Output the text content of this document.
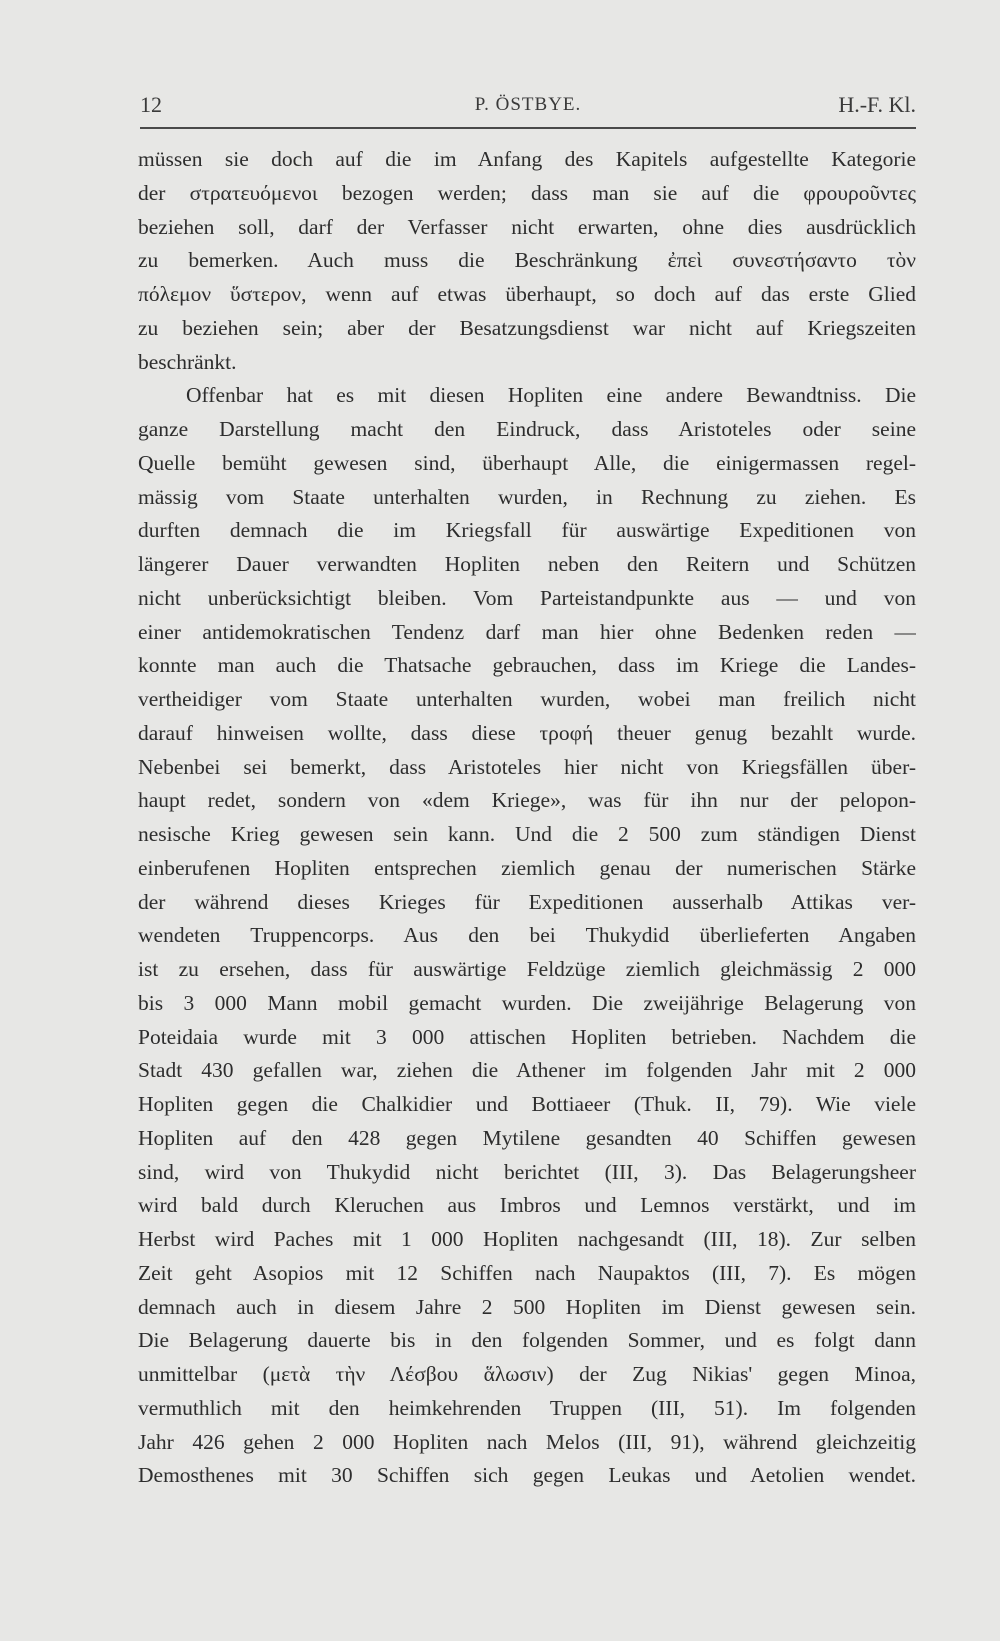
12	P. ÖSTBYE.	H.-F. Kl.
müssen sie doch auf die im Anfang des Kapitels aufgestellte Kategorie
der στρατευόμενοι bezogen werden; dass man sie auf die φρουροῦντες
beziehen soll, darf der Verfasser nicht erwarten, ohne dies ausdrücklich
zu bemerken. Auch muss die Beschränkung ἐπεὶ συνεστήσαντο τὸν
πόλεμον ὕστερον, wenn auf etwas überhaupt, so doch auf das erste Glied
zu beziehen sein; aber der Besatzungsdienst war nicht auf Kriegszeiten
beschränkt.
Offenbar hat es mit diesen Hopliten eine andere Bewandtniss. Die
ganze Darstellung macht den Eindruck, dass Aristoteles oder seine
Quelle bemüht gewesen sind, überhaupt Alle, die einigermassen regel-
mässig vom Staate unterhalten wurden, in Rechnung zu ziehen. Es
durften demnach die im Kriegsfall für auswärtige Expeditionen von
längerer Dauer verwandten Hopliten neben den Reitern und Schützen
nicht unberücksichtigt bleiben. Vom Parteistandpunkte aus — und von
einer antidemokratischen Tendenz darf man hier ohne Bedenken reden —
konnte man auch die Thatsache gebrauchen, dass im Kriege die Landes-
vertheidiger vom Staate unterhalten wurden, wobei man freilich nicht
darauf hinweisen wollte, dass diese τροφή theuer genug bezahlt wurde.
Nebenbei sei bemerkt, dass Aristoteles hier nicht von Kriegsfällen über-
haupt redet, sondern von «dem Kriege», was für ihn nur der pelopon-
nesische Krieg gewesen sein kann. Und die 2 500 zum ständigen Dienst
einberufenen Hopliten entsprechen ziemlich genau der numerischen Stärke
der während dieses Krieges für Expeditionen ausserhalb Attikas ver-
wendeten Truppencorps. Aus den bei Thukydid überlieferten Angaben
ist zu ersehen, dass für auswärtige Feldzüge ziemlich gleichmässig 2 000
bis 3 000 Mann mobil gemacht wurden. Die zweijährige Belagerung von
Poteidaia wurde mit 3 000 attischen Hopliten betrieben. Nachdem die
Stadt 430 gefallen war, ziehen die Athener im folgenden Jahr mit 2 000
Hopliten gegen die Chalkidier und Bottiaeer (Thuk. II, 79). Wie viele
Hopliten auf den 428 gegen Mytilene gesandten 40 Schiffen gewesen
sind, wird von Thukydid nicht berichtet (III, 3). Das Belagerungsheer
wird bald durch Kleruchen aus Imbros und Lemnos verstärkt, und im
Herbst wird Paches mit 1 000 Hopliten nachgesandt (III, 18). Zur selben
Zeit geht Asopios mit 12 Schiffen nach Naupaktos (III, 7). Es mögen
demnach auch in diesem Jahre 2 500 Hopliten im Dienst gewesen sein.
Die Belagerung dauerte bis in den folgenden Sommer, und es folgt dann
unmittelbar (μετὰ τὴν Λέσβου ἅλωσιν) der Zug Nikias' gegen Minoa,
vermuthlich mit den heimkehrenden Truppen (III, 51). Im folgenden
Jahr 426 gehen 2 000 Hopliten nach Melos (III, 91), während gleichzeitig
Demosthenes mit 30 Schiffen sich gegen Leukas und Aetolien wendet.
